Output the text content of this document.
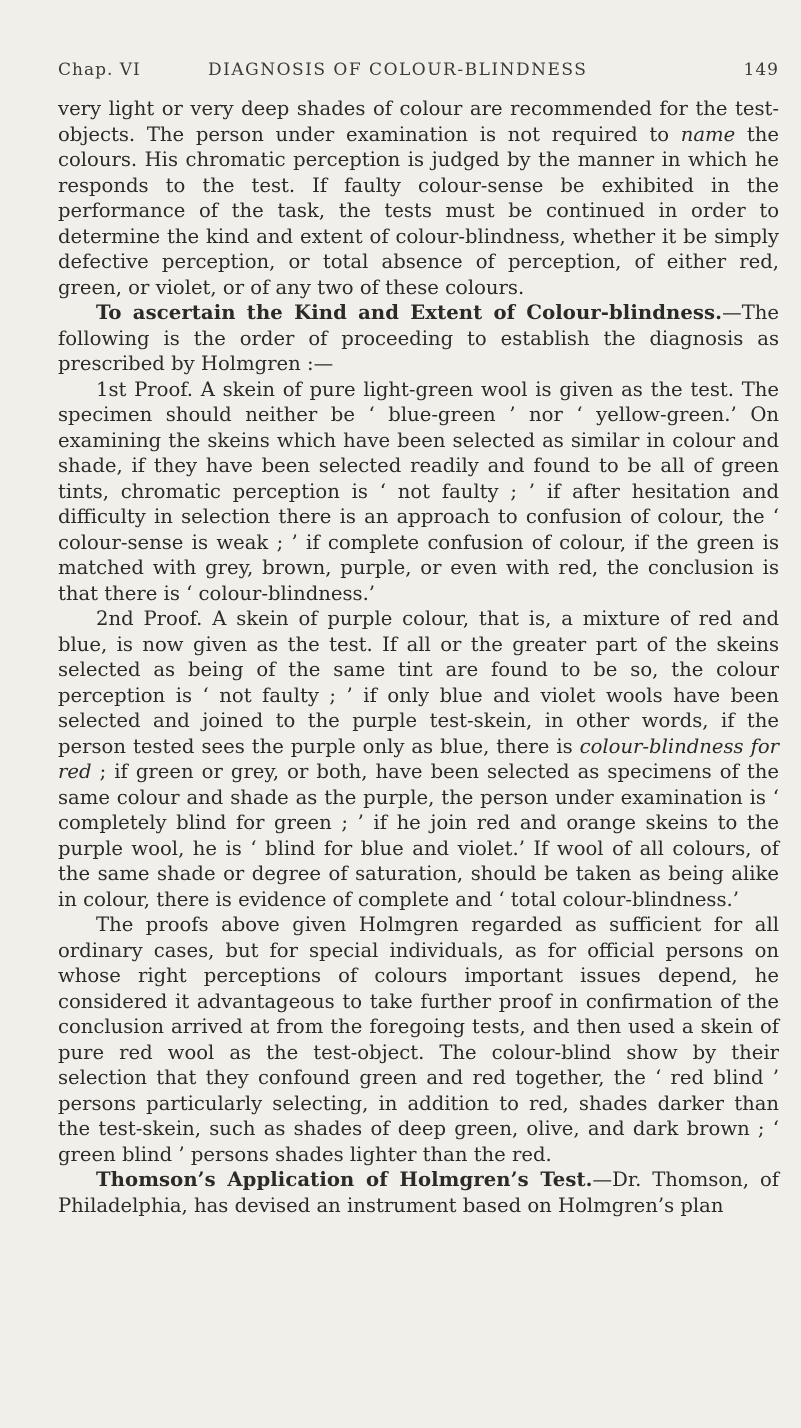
Chap. VI	DIAGNOSIS OF COLOUR-BLINDNESS	149

very light or very deep shades of colour are recommended for the test-objects. The person under examination is not required to name the colours. His chromatic perception is judged by the manner in which he responds to the test. If faulty colour-sense be exhibited in the performance of the task, the tests must be continued in order to determine the kind and extent of colour-blindness, whether it be simply defective perception, or total absence of perception, of either red, green, or violet, or of any two of these colours.

To ascertain the Kind and Extent of Colour-blindness.—The following is the order of proceeding to establish the diagnosis as prescribed by Holmgren :—

1st Proof. A skein of pure light-green wool is given as the test. The specimen should neither be ‘ blue-green ’ nor ‘ yellow-green.’ On examining the skeins which have been selected as similar in colour and shade, if they have been selected readily and found to be all of green tints, chromatic perception is ‘ not faulty ; ’ if after hesitation and difficulty in selection there is an approach to confusion of colour, the ‘ colour-sense is weak ; ’ if complete confusion of colour, if the green is matched with grey, brown, purple, or even with red, the conclusion is that there is ‘ colour-blindness.’

2nd Proof. A skein of purple colour, that is, a mixture of red and blue, is now given as the test. If all or the greater part of the skeins selected as being of the same tint are found to be so, the colour perception is ‘ not faulty ; ’ if only blue and violet wools have been selected and joined to the purple test-skein, in other words, if the person tested sees the purple only as blue, there is colour-blindness for red ; if green or grey, or both, have been selected as specimens of the same colour and shade as the purple, the person under examination is ‘ completely blind for green ; ’ if he join red and orange skeins to the purple wool, he is ‘ blind for blue and violet.’ If wool of all colours, of the same shade or degree of saturation, should be taken as being alike in colour, there is evidence of complete and ‘ total colour-blindness.’

The proofs above given Holmgren regarded as sufficient for all ordinary cases, but for special individuals, as for official persons on whose right perceptions of colours important issues depend, he considered it advantageous to take further proof in confirmation of the conclusion arrived at from the foregoing tests, and then used a skein of pure red wool as the test-object. The colour-blind show by their selection that they confound green and red together, the ‘ red blind ’ persons particularly selecting, in addition to red, shades darker than the test-skein, such as shades of deep green, olive, and dark brown ; ‘ green blind ’ persons shades lighter than the red.

Thomson’s Application of Holmgren’s Test.—Dr. Thomson, of Philadelphia, has devised an instrument based on Holmgren’s plan
